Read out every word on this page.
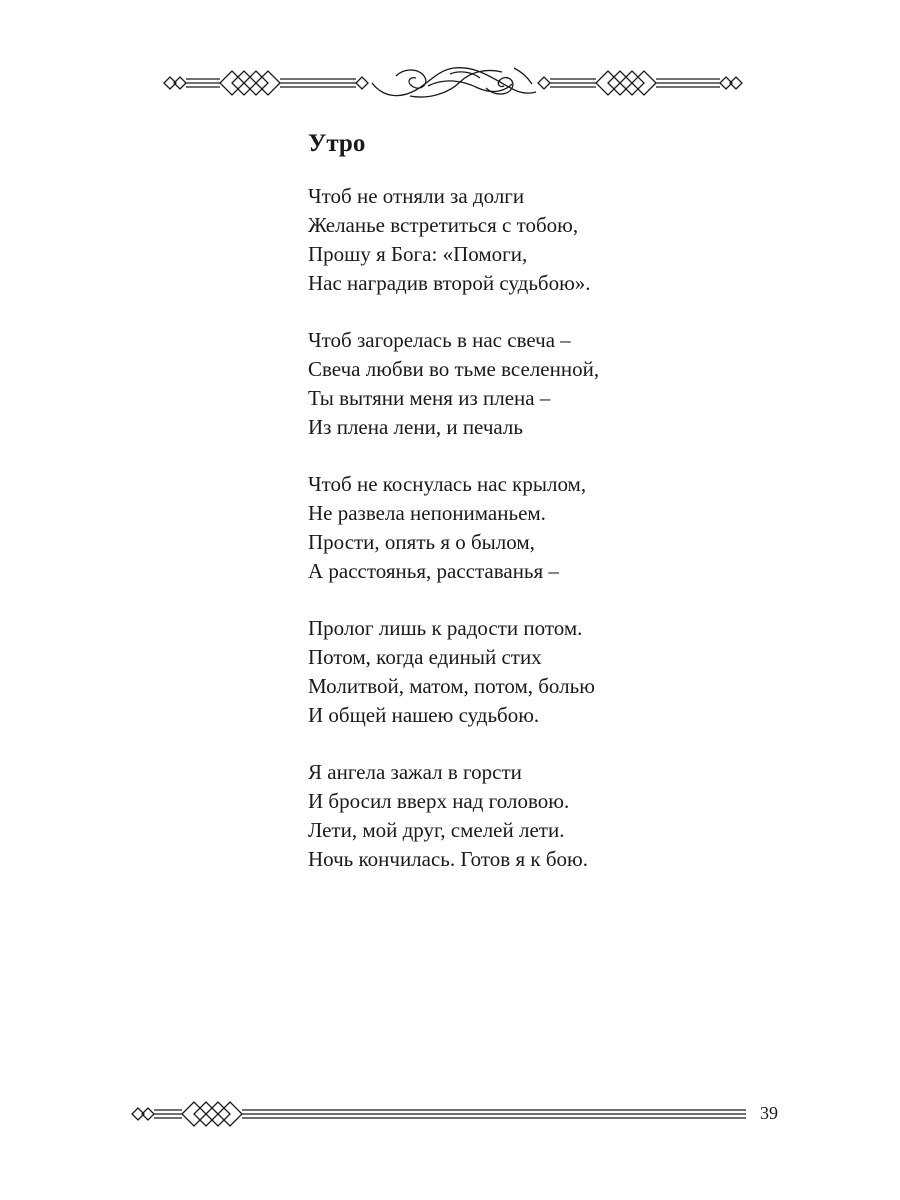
Утро
Чтоб не отняли за долги
Желанье встретиться с тобою,
Прошу я Бога: «Помоги,
Нас наградив второй судьбою».
Чтоб загорелась в нас свеча –
Свеча любви во тьме вселенной,
Ты вытяни меня из плена –
Из плена лени, и печаль
Чтоб не коснулась нас крылом,
Не развела непониманьем.
Прости, опять я о былом,
А расстоянья, расставанья –
Пролог лишь к радости потом.
Потом, когда единый стих
Молитвой, матом, потом, болью
И общей нашею судьбою.
Я ангела зажал в горсти
И бросил вверх над головою.
Лети, мой друг, смелей лети.
Ночь кончилась. Готов я к бою.
39
